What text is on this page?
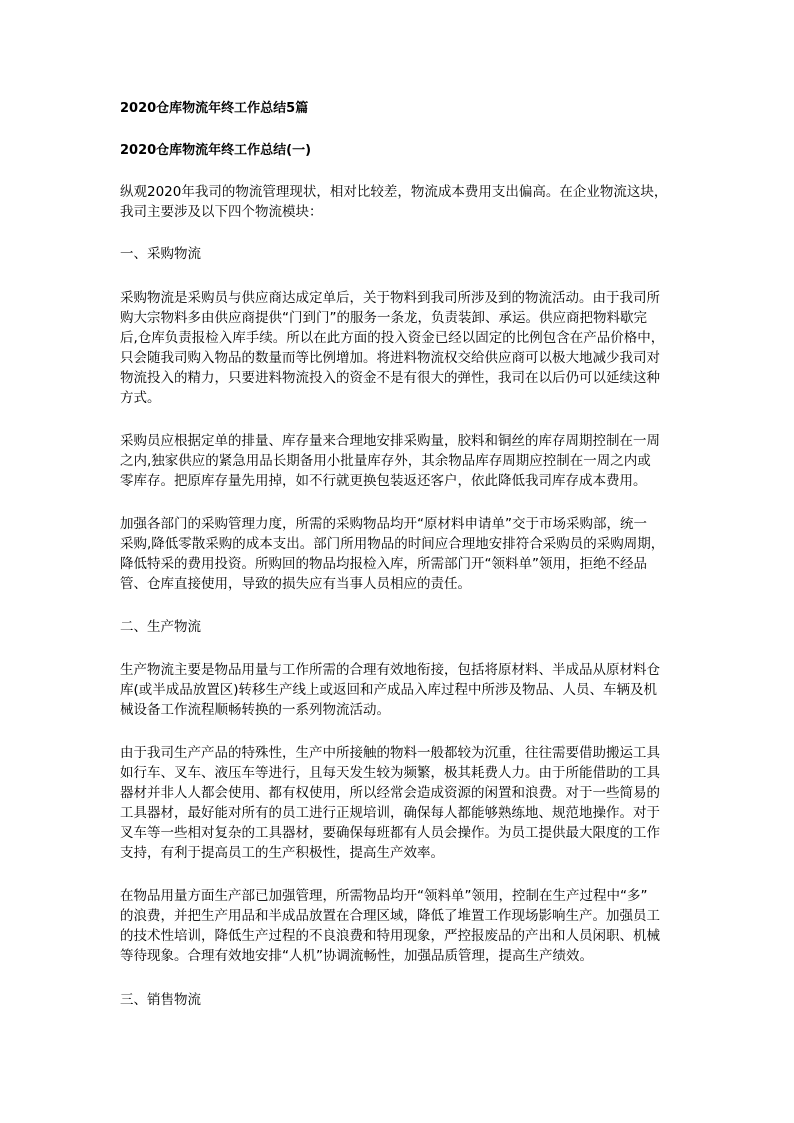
2020仓库物流年终工作总结5篇
2020仓库物流年终工作总结(一)
纵观2020年我司的物流管理现状，相对比较差，物流成本费用支出偏高。在企业物流这块，
我司主要涉及以下四个物流模块：
一、采购物流
采购物流是采购员与供应商达成定单后，关于物料到我司所涉及到的物流活动。由于我司所
购大宗物料多由供应商提供“门到门”的服务一条龙，负责装卸、承运。供应商把物料歇完
后,仓库负责报检入库手续。所以在此方面的投入资金已经以固定的比例包含在产品价格中，
只会随我司购入物品的数量而等比例增加。将进料物流权交给供应商可以极大地减少我司对
物流投入的精力，只要进料物流投入的资金不是有很大的弹性，我司在以后仍可以延续这种
方式。
采购员应根据定单的排量、库存量来合理地安排采购量，胶料和铜丝的库存周期控制在一周
之内,独家供应的紧急用品长期备用小批量库存外，其余物品库存周期应控制在一周之内或
零库存。把原库存量先用掉，如不行就更换包装返还客户，依此降低我司库存成本费用。
加强各部门的采购管理力度，所需的采购物品均开“原材料申请单”交于市场采购部，统一
采购,降低零散采购的成本支出。部门所用物品的时间应合理地安排符合采购员的采购周期，
降低特采的费用投资。所购回的物品均报检入库，所需部门开“领料单”领用，拒绝不经品
管、仓库直接使用，导致的损失应有当事人员相应的责任。
二、生产物流
生产物流主要是物品用量与工作所需的合理有效地衔接，包括将原材料、半成品从原材料仓
库(或半成品放置区)转移生产线上或返回和产成品入库过程中所涉及物品、人员、车辆及机
械设备工作流程顺畅转换的一系列物流活动。
由于我司生产产品的特殊性，生产中所接触的物料一般都较为沉重，往往需要借助搬运工具
如行车、叉车、液压车等进行，且每天发生较为频繁，极其耗费人力。由于所能借助的工具
器材并非人人都会使用、都有权使用，所以经常会造成资源的闲置和浪费。对于一些简易的
工具器材，最好能对所有的员工进行正规培训，确保每人都能够熟练地、规范地操作。对于
叉车等一些相对复杂的工具器材，要确保每班都有人员会操作。为员工提供最大限度的工作
支持，有利于提高员工的生产积极性，提高生产效率。
在物品用量方面生产部已加强管理，所需物品均开“领料单”领用，控制在生产过程中“多”
的浪费，并把生产用品和半成品放置在合理区域，降低了堆置工作现场影响生产。加强员工
的技术性培训，降低生产过程的不良浪费和特用现象，严控报废品的产出和人员闲职、机械
等待现象。合理有效地安排“人机”协调流畅性，加强品质管理，提高生产绩效。
三、销售物流
